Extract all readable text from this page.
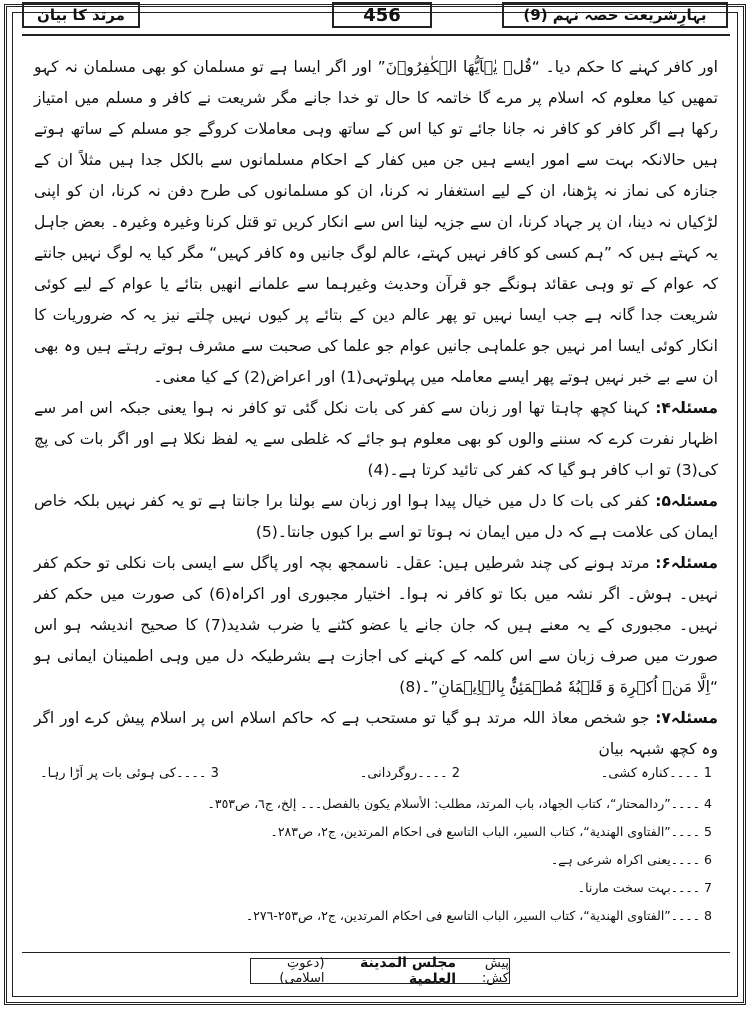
مرتد کا بیان	456	بہارِشریعت حصہ نہم (9)

اور کافر کہنے کا حکم دیا۔ “قُلۡ یٰۤاَیُّهَا الۡکٰفِرُوۡنَ” اور اگر ایسا ہے تو مسلمان کو بھی مسلمان نہ کہو تمھیں کیا معلوم کہ اسلام پر مرے گا خاتمہ کا حال تو خدا جانے مگر شریعت نے کافر و مسلم میں امتیاز رکھا ہے اگر کافر کو کافر نہ جانا جائے تو کیا اس کے ساتھ وہی معاملات کروگے جو مسلم کے ساتھ ہوتے ہیں حالانکہ بہت سے امور ایسے ہیں جن میں کفار کے احکام مسلمانوں سے بالکل جدا ہیں مثلاً ان کے جنازہ کی نماز نہ پڑھنا، ان کے لیے استغفار نہ کرنا، ان کو مسلمانوں کی طرح دفن نہ کرنا، ان کو اپنی لڑکیاں نہ دینا، ان پر جہاد کرنا، ان سے جزیہ لینا اس سے انکار کریں تو قتل کرنا وغیرہ وغیرہ۔ بعض جاہل یہ کہتے ہیں کہ ”ہم کسی کو کافر نہیں کہتے، عالم لوگ جانیں وہ کافر کہیں“ مگر کیا یہ لوگ نہیں جانتے کہ عوام کے تو وہی عقائد ہونگے جو قرآن وحدیث وغیرہما سے علمانے انھیں بتائے یا عوام کے لیے کوئی شریعت جدا گانہ ہے جب ایسا نہیں تو پھر عالم دین کے بتائے پر کیوں نہیں چلتے نیز یہ کہ ضروریات کا انکار کوئی ایسا امر نہیں جو علماہی جانیں عوام جو علما کی صحبت سے مشرف ہوتے رہتے ہیں وہ بھی ان سے بے خبر نہیں ہوتے پھر ایسے معاملہ میں پہلوتہی(1) اور اعراض(2) کے کیا معنی۔

مسئلہ۴: کہنا کچھ چاہتا تھا اور زبان سے کفر کی بات نکل گئی تو کافر نہ ہوا یعنی جبکہ اس امر سے اظہار نفرت کرے کہ سننے والوں کو بھی معلوم ہو جائے کہ غلطی سے یہ لفظ نکلا ہے اور اگر بات کی پچ کی(3) تو اب کافر ہو گیا کہ کفر کی تائید کرتا ہے۔(4)

مسئلہ۵: کفر کی بات کا دل میں خیال پیدا ہوا اور زبان سے بولنا برا جانتا ہے تو یہ کفر نہیں بلکہ خاص ایمان کی علامت ہے کہ دل میں ایمان نہ ہوتا تو اسے برا کیوں جانتا۔(5)

مسئلہ۶: مرتد ہونے کی چند شرطیں ہیں: عقل۔ ناسمجھ بچہ اور پاگل سے ایسی بات نکلی تو حکم کفر نہیں۔ ہوش۔ اگر نشہ میں بکا تو کافر نہ ہوا۔ اختیار مجبوری اور اکراہ(6) کی صورت میں حکم کفر نہیں۔ مجبوری کے یہ معنے ہیں کہ جان جانے یا عضو کٹنے یا ضرب شدید(7) کا صحیح اندیشہ ہو اس صورت میں صرف زبان سے اس کلمہ کے کہنے کی اجازت ہے بشرطیکہ دل میں وہی اطمینان ایمانی ہو “اِلَّا مَنۡ اُکۡرِهَ وَ قَلۡبُهٗ مُطۡمَئِنٌّۢ بِالۡاِیۡمَانِ”۔(8)

مسئلہ۷: جو شخص معاذ اللہ مرتد ہو گیا تو مستحب ہے کہ حاکم اسلام اس پر اسلام پیش کرے اور اگر وہ کچھ شبہہ بیان

1 ۔۔۔۔کنارہ کشی۔
2 ۔۔۔۔روگردانی۔
3 ۔۔۔۔کی ہوئی بات پر اَڑا رہا۔
4 ۔۔۔۔”ردالمحتار“، کتاب الجهاد، باب المرتد، مطلب: الأسلام يكون بالفصل۔۔۔ إلخ، ج٦، ص٣٥٣۔
5 ۔۔۔۔”الفتاوی الهندية“، کتاب السير، الباب التاسع فی احکام المرتدين، ج٢، ص٢٨٣۔
6 ۔۔۔۔یعنی اکراہ شرعی ہے۔
7 ۔۔۔۔بہت سخت مارنا۔
8 ۔۔۔۔”الفتاوی الهندية“، کتاب السير، الباب التاسع فی احکام المرتدين، ج٢، ص٢٥٣-٢٧٦۔
پیش کش:
مجلس المدینة العلمیة
(دعوتِ اسلامی)
